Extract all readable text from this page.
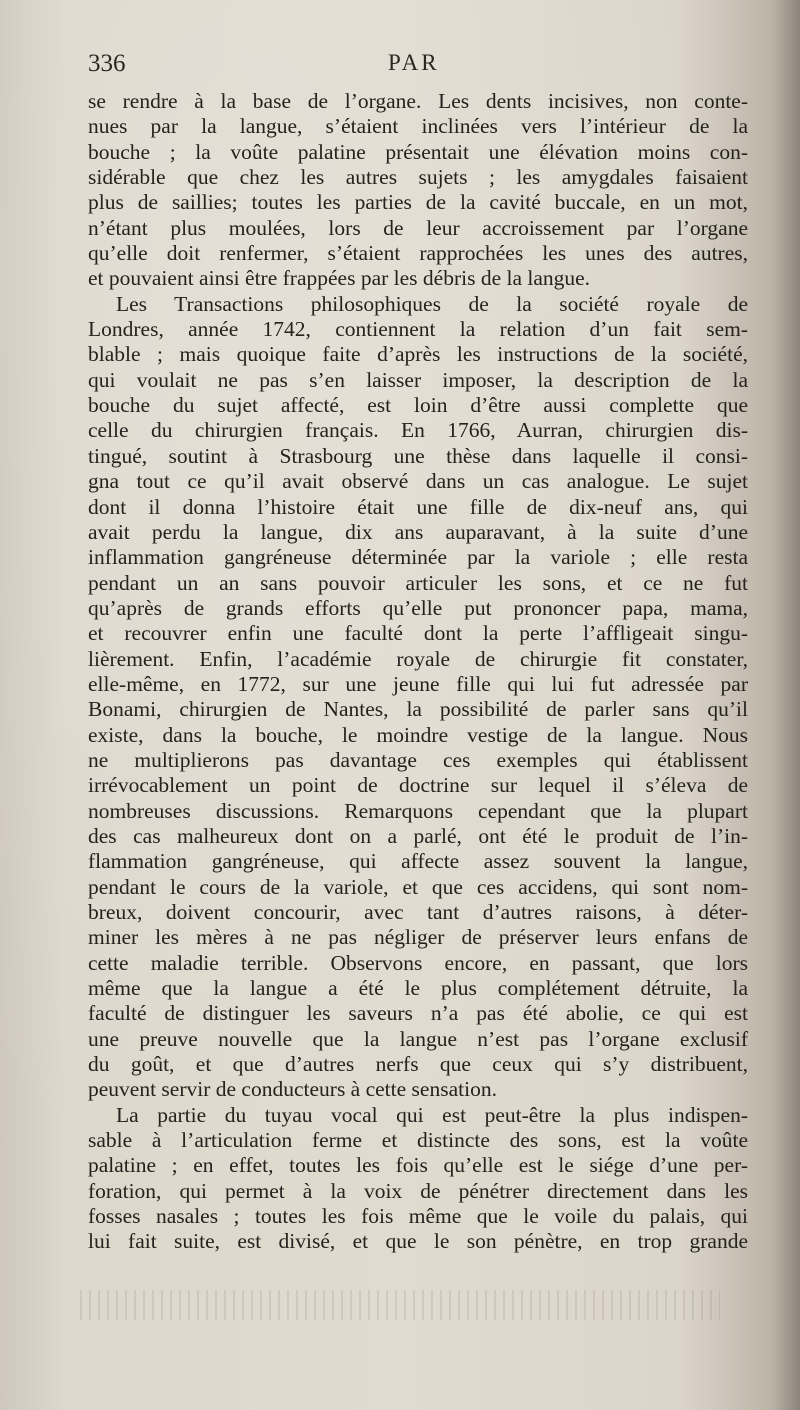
336	PAR
se rendre à la base de l’organe. Les dents incisives, non conte-
nues par la langue, s’étaient inclinées vers l’intérieur de la
bouche ; la voûte palatine présentait une élévation moins con-
sidérable que chez les autres sujets ; les amygdales faisaient
plus de saillies; toutes les parties de la cavité buccale, en un mot,
n’étant plus moulées, lors de leur accroissement par l’organe
qu’elle doit renfermer, s’étaient rapprochées les unes des autres,
et pouvaient ainsi être frappées par les débris de la langue.
Les Transactions philosophiques de la société royale de
Londres, année 1742, contiennent la relation d’un fait sem-
blable ; mais quoique faite d’après les instructions de la société,
qui voulait ne pas s’en laisser imposer, la description de la
bouche du sujet affecté, est loin d’être aussi complette que
celle du chirurgien français. En 1766, Aurran, chirurgien dis-
tingué, soutint à Strasbourg une thèse dans laquelle il consi-
gna tout ce qu’il avait observé dans un cas analogue. Le sujet
dont il donna l’histoire était une fille de dix-neuf ans, qui
avait perdu la langue, dix ans auparavant, à la suite d’une
inflammation gangréneuse déterminée par la variole ; elle resta
pendant un an sans pouvoir articuler les sons, et ce ne fut
qu’après de grands efforts qu’elle put prononcer papa, mama,
et recouvrer enfin une faculté dont la perte l’affligeait singu-
lièrement. Enfin, l’académie royale de chirurgie fit constater,
elle-même, en 1772, sur une jeune fille qui lui fut adressée par
Bonami, chirurgien de Nantes, la possibilité de parler sans qu’il
existe, dans la bouche, le moindre vestige de la langue. Nous
ne multiplierons pas davantage ces exemples qui établissent
irrévocablement un point de doctrine sur lequel il s’éleva de
nombreuses discussions. Remarquons cependant que la plupart
des cas malheureux dont on a parlé, ont été le produit de l’in-
flammation gangréneuse, qui affecte assez souvent la langue,
pendant le cours de la variole, et que ces accidens, qui sont nom-
breux, doivent concourir, avec tant d’autres raisons, à déter-
miner les mères à ne pas négliger de préserver leurs enfans de
cette maladie terrible. Observons encore, en passant, que lors
même que la langue a été le plus complétement détruite, la
faculté de distinguer les saveurs n’a pas été abolie, ce qui est
une preuve nouvelle que la langue n’est pas l’organe exclusif
du goût, et que d’autres nerfs que ceux qui s’y distribuent,
peuvent servir de conducteurs à cette sensation.
La partie du tuyau vocal qui est peut-être la plus indispen-
sable à l’articulation ferme et distincte des sons, est la voûte
palatine ; en effet, toutes les fois qu’elle est le siége d’une per-
foration, qui permet à la voix de pénétrer directement dans les
fosses nasales ; toutes les fois même que le voile du palais, qui
lui fait suite, est divisé, et que le son pénètre, en trop grande
